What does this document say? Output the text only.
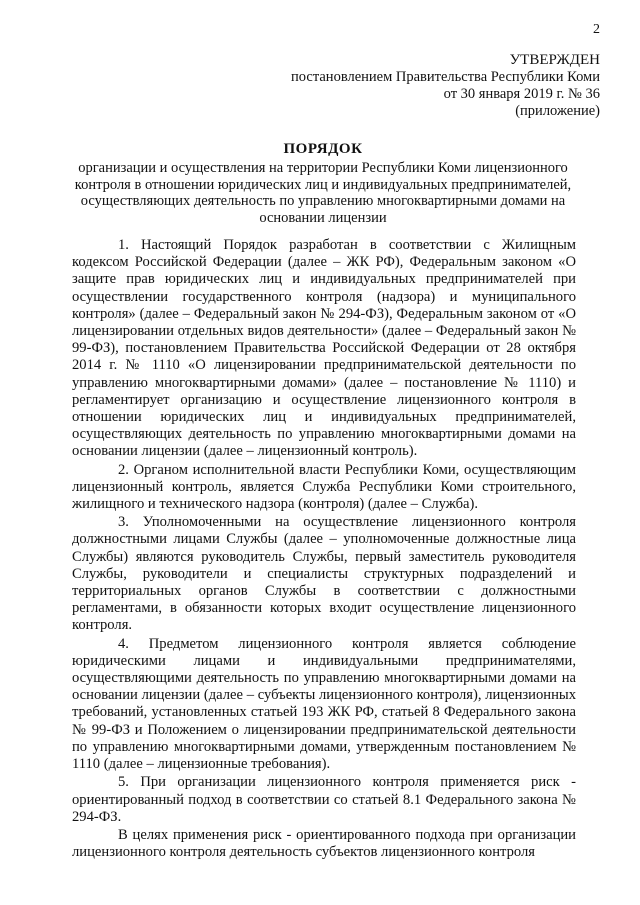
2
УТВЕРЖДЕН
постановлением Правительства Республики Коми
от 30 января 2019 г. № 36
(приложение)
ПОРЯДОК
организации и осуществления на территории Республики Коми лицензионного контроля в отношении юридических лиц и индивидуальных предпринимателей, осуществляющих деятельность по управлению многоквартирными домами на основании лицензии

1. Настоящий Порядок разработан в соответствии с Жилищным кодексом Российской Федерации (далее – ЖК РФ), Федеральным законом «О защите прав юридических лиц и индивидуальных предпринимателей при осуществлении государственного контроля (надзора) и муниципального контроля» (далее – Федеральный закон № 294-ФЗ), Федеральным законом от «О лицензировании отдельных видов деятельности» (далее – Федеральный закон № 99-ФЗ), постановлением Правительства Российской Федерации от 28 октября 2014 г. № 1110 «О лицензировании предпринимательской деятельности по управлению многоквартирными домами» (далее – постановление № 1110) и регламентирует организацию и осуществление лицензионного контроля в отношении юридических лиц и индивидуальных предпринимателей, осуществляющих деятельность по управлению многоквартирными домами на основании лицензии (далее – лицензионный контроль).

2. Органом исполнительной власти Республики Коми, осуществляющим лицензионный контроль, является Служба Республики Коми строительного, жилищного и технического надзора (контроля) (далее – Служба).

3. Уполномоченными на осуществление лицензионного контроля должностными лицами Службы (далее – уполномоченные должностные лица Службы) являются руководитель Службы, первый заместитель руководителя Службы, руководители и специалисты структурных подразделений и территориальных органов Службы в соответствии с должностными регламентами, в обязанности которых входит осуществление лицензионного контроля.

4. Предметом лицензионного контроля является соблюдение юридическими лицами и индивидуальными предпринимателями, осуществляющими деятельность по управлению многоквартирными домами на основании лицензии (далее – субъекты лицензионного контроля), лицензионных требований, установленных статьей 193 ЖК РФ, статьей 8 Федерального закона № 99-ФЗ и Положением о лицензировании предпринимательской деятельности по управлению многоквартирными домами, утвержденным постановлением № 1110 (далее – лицензионные требования).

5. При организации лицензионного контроля применяется риск - ориентированный подход в соответствии со статьей 8.1 Федерального закона № 294-ФЗ.

В целях применения риск - ориентированного подхода при организации лицензионного контроля деятельность субъектов лицензионного контроля
